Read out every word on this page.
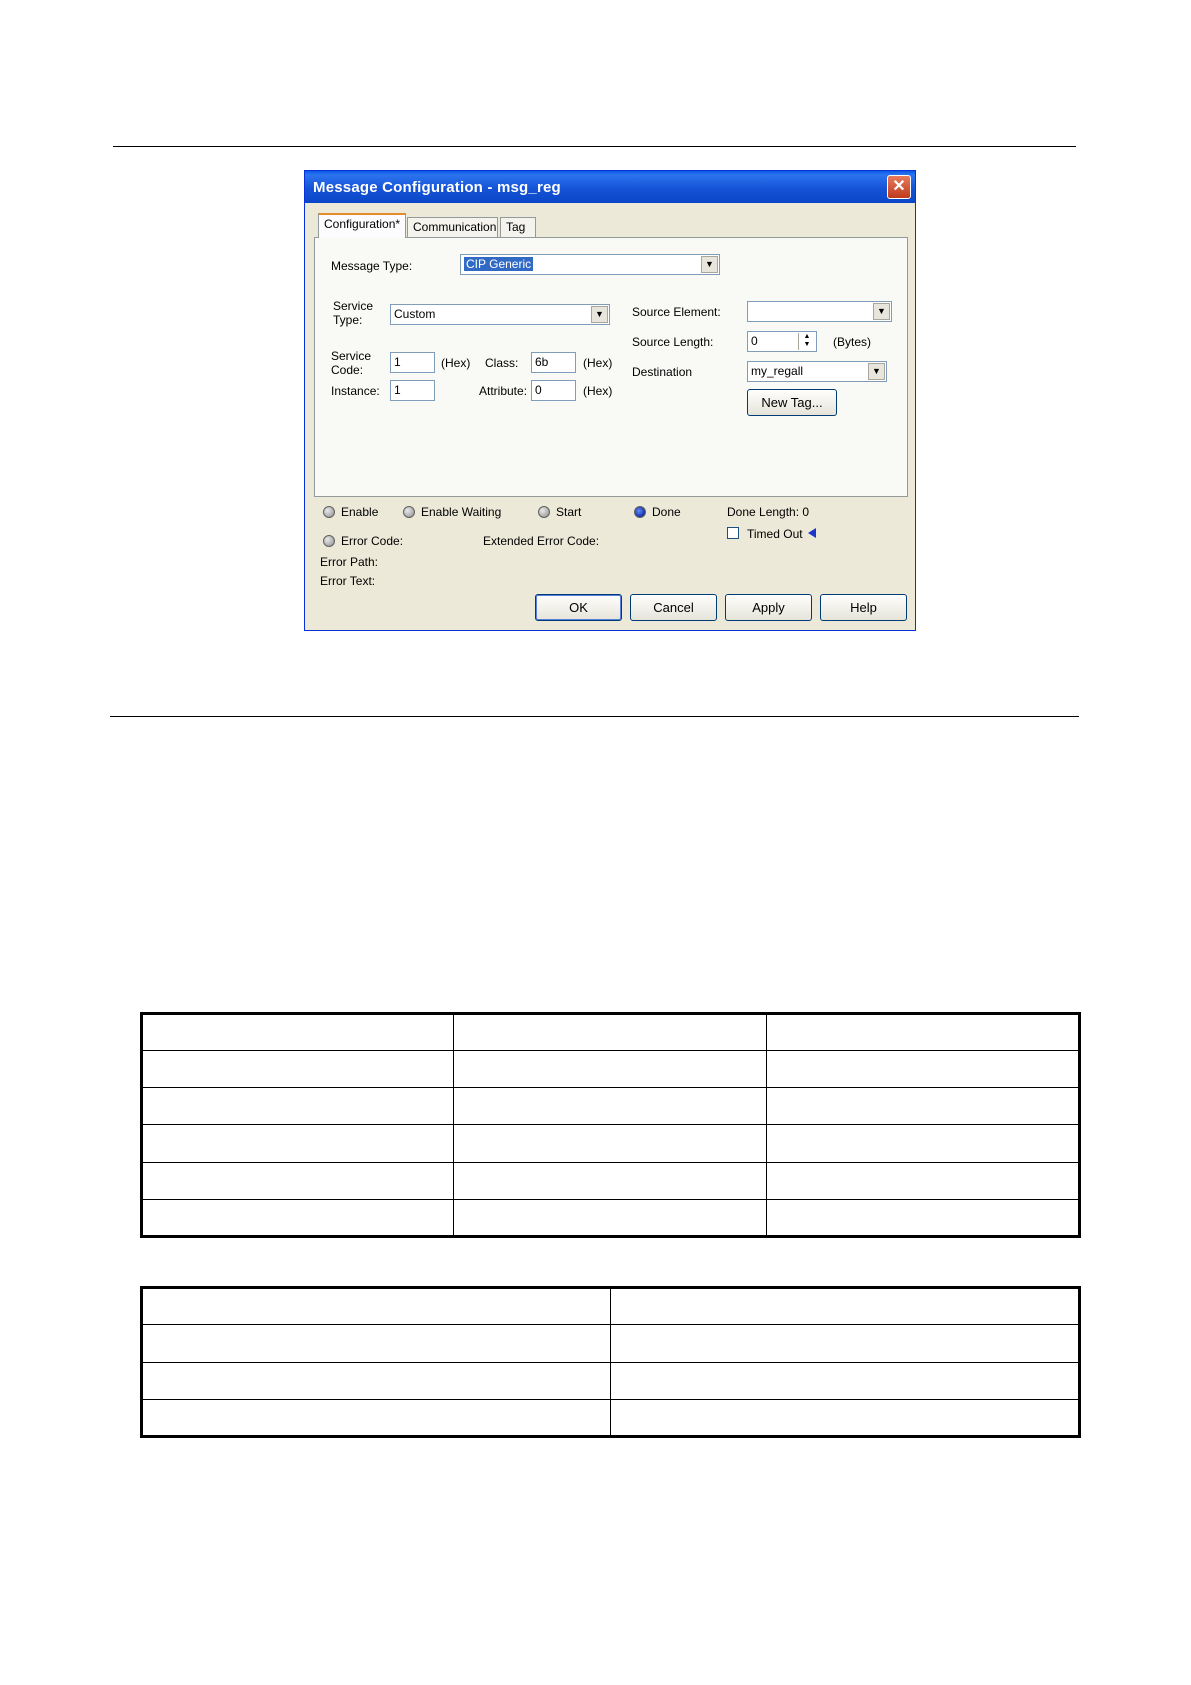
Message Configuration - msg_reg	✕
Configuration*	Communication Tag
Message Type:	CIP Generic	▼
Service Type:	Custom	▼
Service Code:
1	(Hex) Class:	6b	(Hex)
Instance:	1	Attribute: 0	(Hex)
Source Element:	▼
Source Length:	0	▲
▼	(Bytes)
Destination	my_regall	▼
New Tag...
Enable	Enable Waiting	Start	Done	Done Length: 0
Error Code:	Extended Error Code:	Timed Out
Error Path:
Error Text:
OK	Cancel	Apply	Help
